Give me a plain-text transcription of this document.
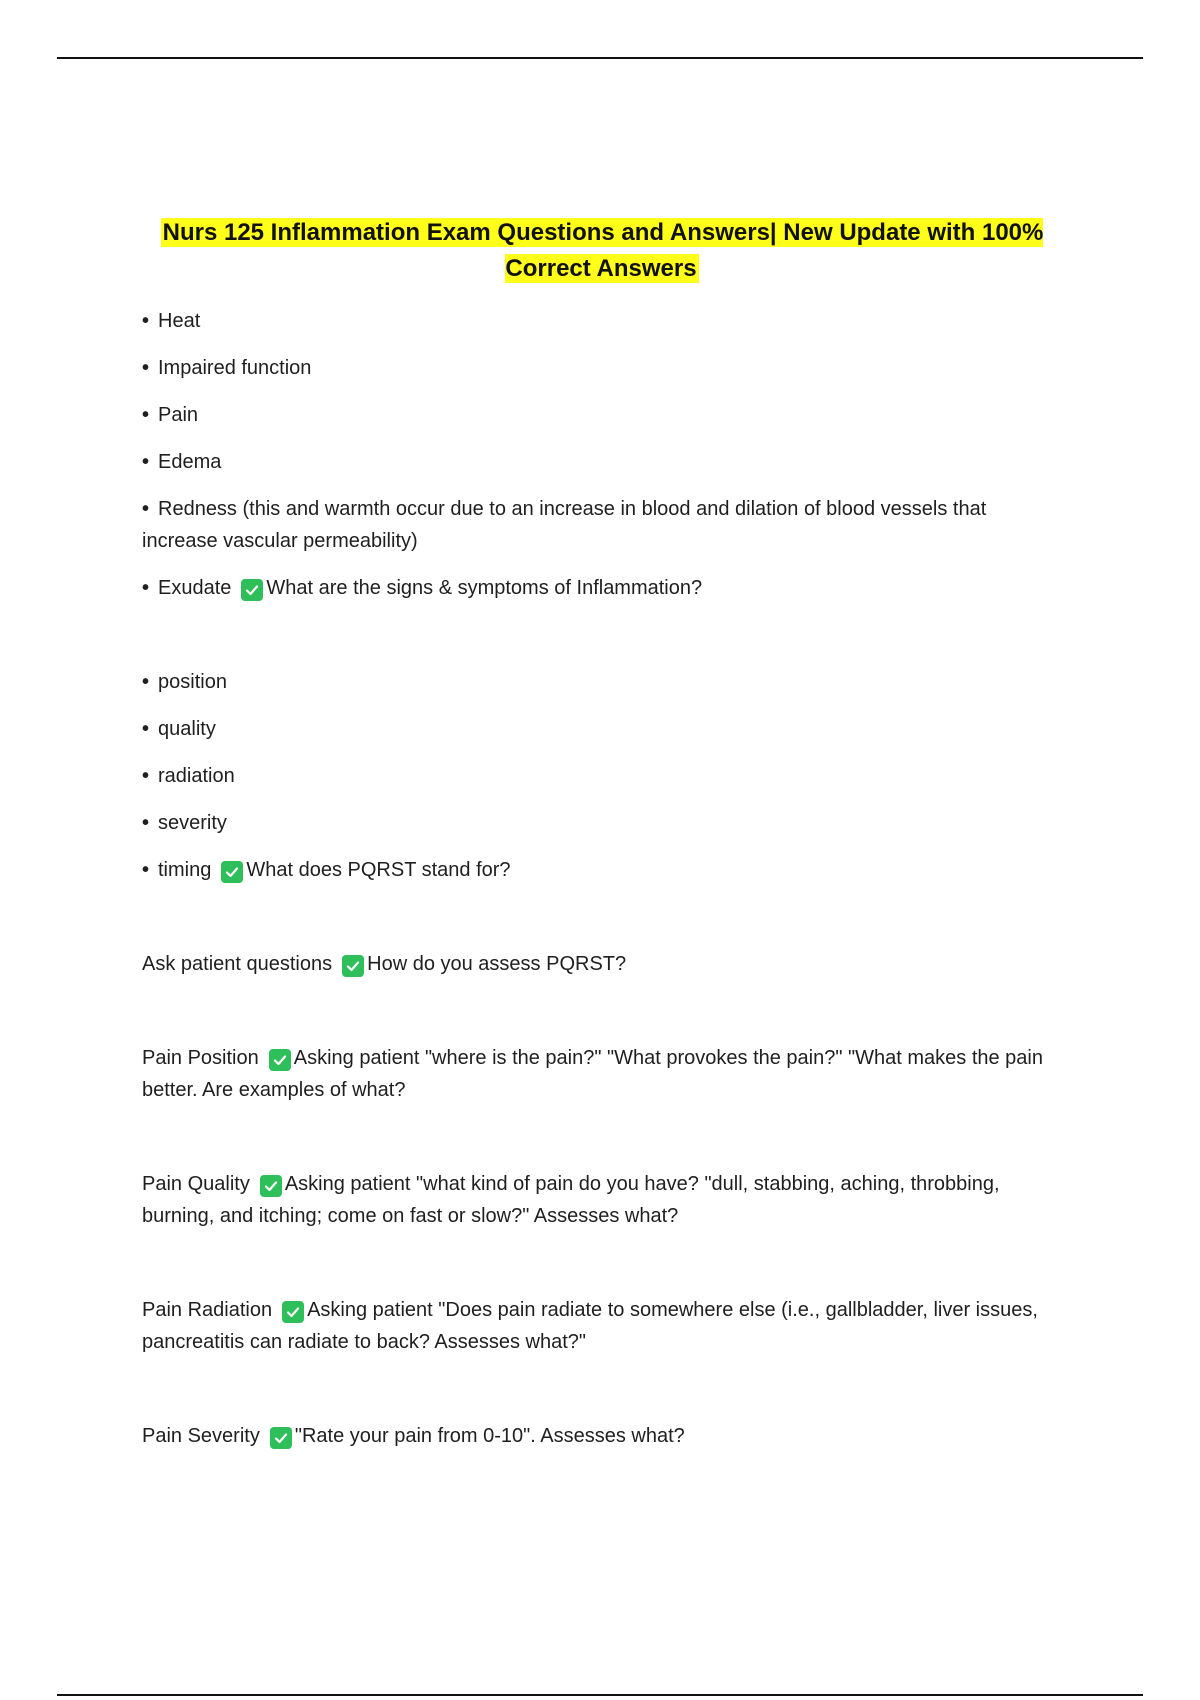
Nurs 125 Inflammation Exam Questions and Answers| New Update with 100% Correct Answers

• Heat

• Impaired function

• Pain

• Edema

• Redness (this and warmth occur due to an increase in blood and dilation of blood vessels that increase vascular permeability)

• Exudate What are the signs & symptoms of Inflammation?

• position

• quality

• radiation

• severity

• timing What does PQRST stand for?

Ask patient questions How do you assess PQRST?

Pain Position Asking patient "where is the pain?" "What provokes the pain?" "What makes the pain better. Are examples of what?

Pain Quality Asking patient "what kind of pain do you have? "dull, stabbing, aching, throbbing, burning, and itching; come on fast or slow?" Assesses what?

Pain Radiation Asking patient "Does pain radiate to somewhere else (i.e., gallbladder, liver issues, pancreatitis can radiate to back? Assesses what?"

Pain Severity "Rate your pain from 0-10". Assesses what?
